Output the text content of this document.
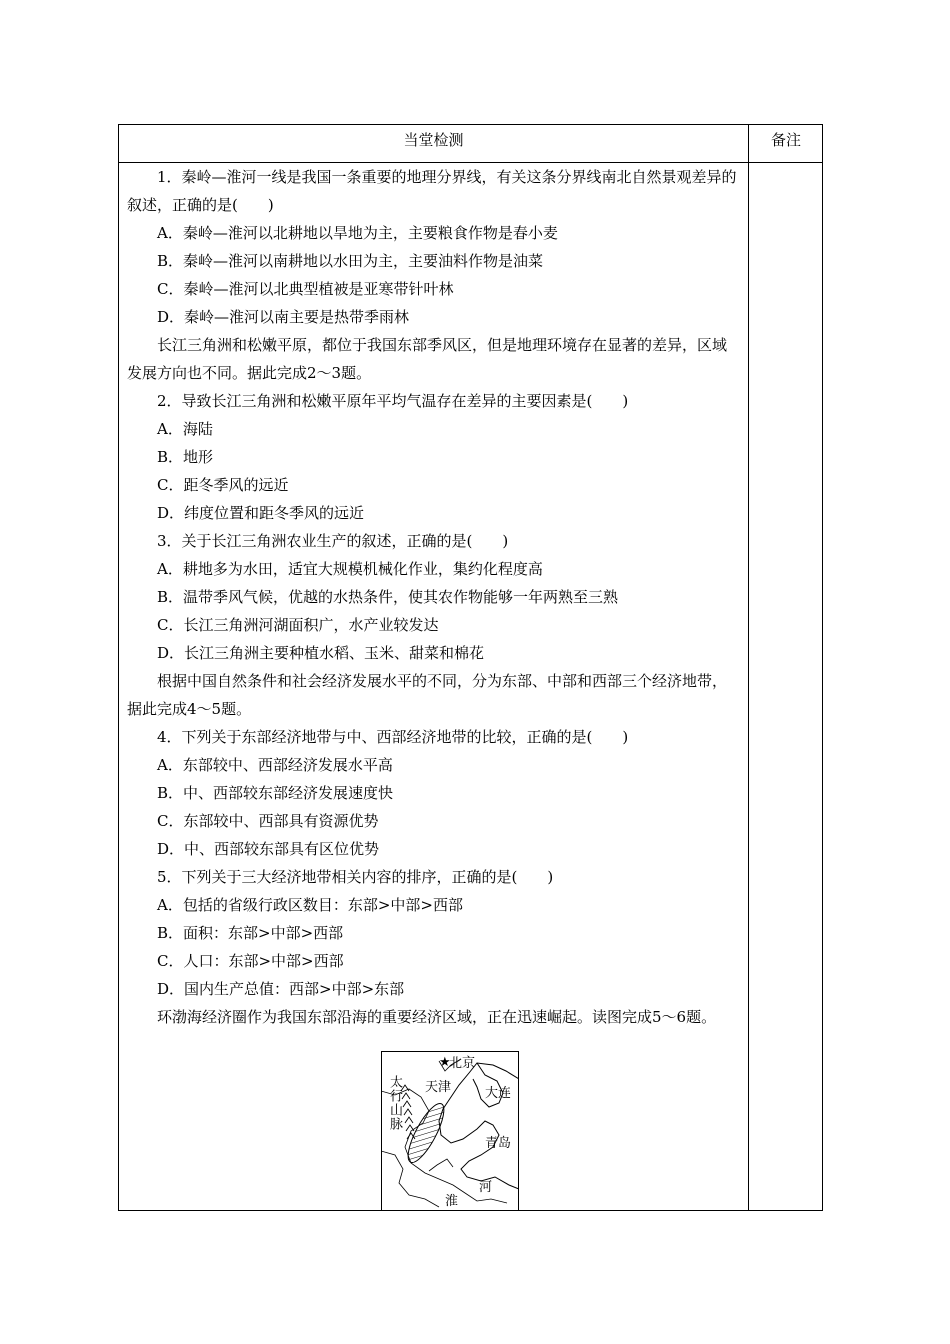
当堂检测	备注
1．秦岭—淮河一线是我国一条重要的地理分界线，有关这条分界线南北自然景观差异的叙述，正确的是(　　)
A．秦岭—淮河以北耕地以旱地为主，主要粮食作物是春小麦
B．秦岭—淮河以南耕地以水田为主，主要油料作物是油菜
C．秦岭—淮河以北典型植被是亚寒带针叶林
D．秦岭—淮河以南主要是热带季雨林
长江三角洲和松嫩平原，都位于我国东部季风区，但是地理环境存在显著的差异，区域发展方向也不同。据此完成2～3题。
2．导致长江三角洲和松嫩平原年平均气温存在差异的主要因素是(　　)
A．海陆
B．地形
C．距冬季风的远近
D．纬度位置和距冬季风的远近
3．关于长江三角洲农业生产的叙述，正确的是(　　)
A．耕地多为水田，适宜大规模机械化作业，集约化程度高
B．温带季风气候，优越的水热条件，使其农作物能够一年两熟至三熟
C．长江三角洲河湖面积广，水产业较发达
D．长江三角洲主要种植水稻、玉米、甜菜和棉花
根据中国自然条件和社会经济发展水平的不同，分为东部、中部和西部三个经济地带，据此完成4～5题。
4．下列关于东部经济地带与中、西部经济地带的比较，正确的是(　　)
A．东部较中、西部经济发展水平高
B．中、西部较东部经济发展速度快
C．东部较中、西部具有资源优势
D．中、西部较东部具有区位优势
5．下列关于三大经济地带相关内容的排序，正确的是(　　)
A．包括的省级行政区数目：东部>中部>西部
B．面积：东部>中部>西部
C．人口：东部>中部>西部
D．国内生产总值：西部>中部>东部
环渤海经济圈作为我国东部沿海的重要经济区域，正在迅速崛起。读图完成5～6题。
★
北京
天津	大连
青岛
太行山脉
河
淮
